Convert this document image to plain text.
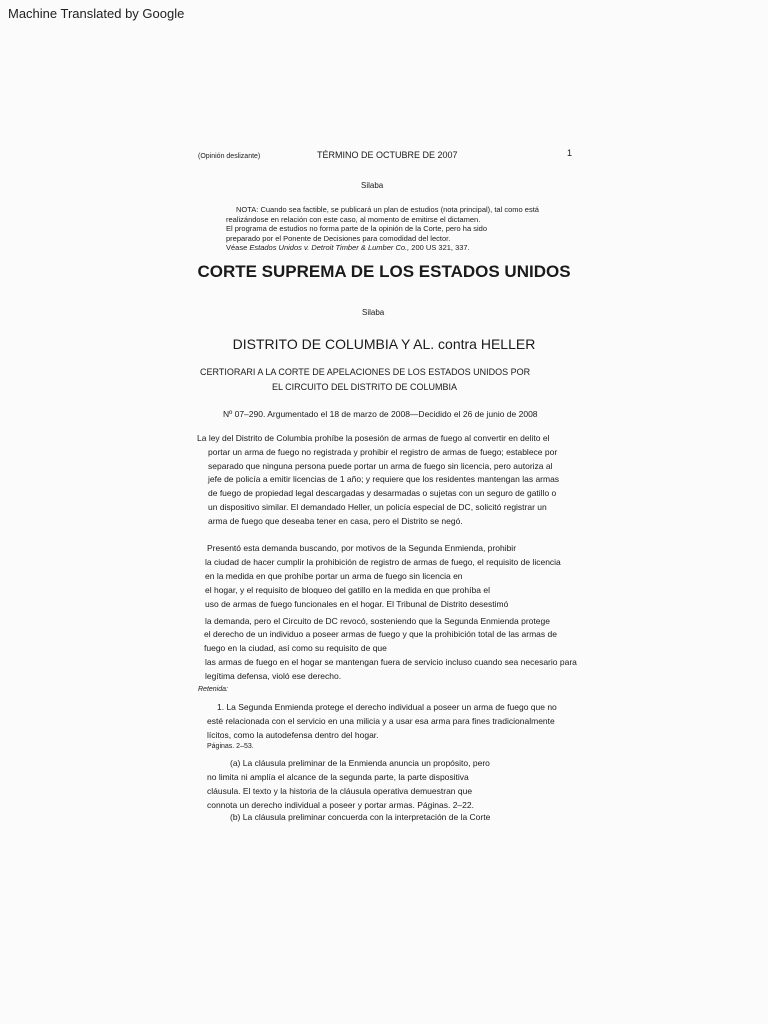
Machine Translated by Google
(Opinión deslizante)	TÉRMINO DE OCTUBRE DE 2007	1
Silaba
NOTA: Cuando sea factible, se publicará un plan de estudios (nota principal), tal como está
realizándose en relación con este caso, al momento de emitirse el dictamen.
El programa de estudios no forma parte de la opinión de la Corte, pero ha sido
preparado por el Ponente de Decisiones para comodidad del lector.
Véase Estados Unidos v. Detroit Timber & Lumber Co., 200 US 321, 337.
CORTE SUPREMA DE LOS ESTADOS UNIDOS
Silaba
DISTRITO DE COLUMBIA Y AL. contra HELLER
CERTIORARI A LA CORTE DE APELACIONES DE LOS ESTADOS UNIDOS POR
EL CIRCUITO DEL DISTRITO DE COLUMBIA
Nº 07–290. Argumentado el 18 de marzo de 2008—Decidido el 26 de junio de 2008
La ley del Distrito de Columbia prohíbe la posesión de armas de fuego al convertir en delito el
portar un arma de fuego no registrada y prohibir el registro de armas de fuego; establece por
separado que ninguna persona puede portar un arma de fuego sin licencia, pero autoriza al
jefe de policía a emitir licencias de 1 año; y requiere que los residentes mantengan las armas
de fuego de propiedad legal descargadas y desarmadas o sujetas con un seguro de gatillo o
un dispositivo similar. El demandado Heller, un policía especial de DC, solicitó registrar un
arma de fuego que deseaba tener en casa, pero el Distrito se negó.
Presentó esta demanda buscando, por motivos de la Segunda Enmienda, prohibir
la ciudad de hacer cumplir la prohibición de registro de armas de fuego, el requisito de licencia
en la medida en que prohíbe portar un arma de fuego sin licencia en
el hogar, y el requisito de bloqueo del gatillo en la medida en que prohíba el
uso de armas de fuego funcionales en el hogar. El Tribunal de Distrito desestimó
la demanda, pero el Circuito de DC revocó, sosteniendo que la Segunda Enmienda protege
el derecho de un individuo a poseer armas de fuego y que la prohibición total de las armas de
fuego en la ciudad, así como su requisito de que
las armas de fuego en el hogar se mantengan fuera de servicio incluso cuando sea necesario para
legítima defensa, violó ese derecho.
Retenida:
1. La Segunda Enmienda protege el derecho individual a poseer un arma de fuego que no
esté relacionada con el servicio en una milicia y a usar esa arma para fines tradicionalmente
lícitos, como la autodefensa dentro del hogar.
Páginas. 2–53.
(a) La cláusula preliminar de la Enmienda anuncia un propósito, pero
no limita ni amplía el alcance de la segunda parte, la parte dispositiva
cláusula. El texto y la historia de la cláusula operativa demuestran que
connota un derecho individual a poseer y portar armas. Páginas. 2–22.
(b) La cláusula preliminar concuerda con la interpretación de la Corte
